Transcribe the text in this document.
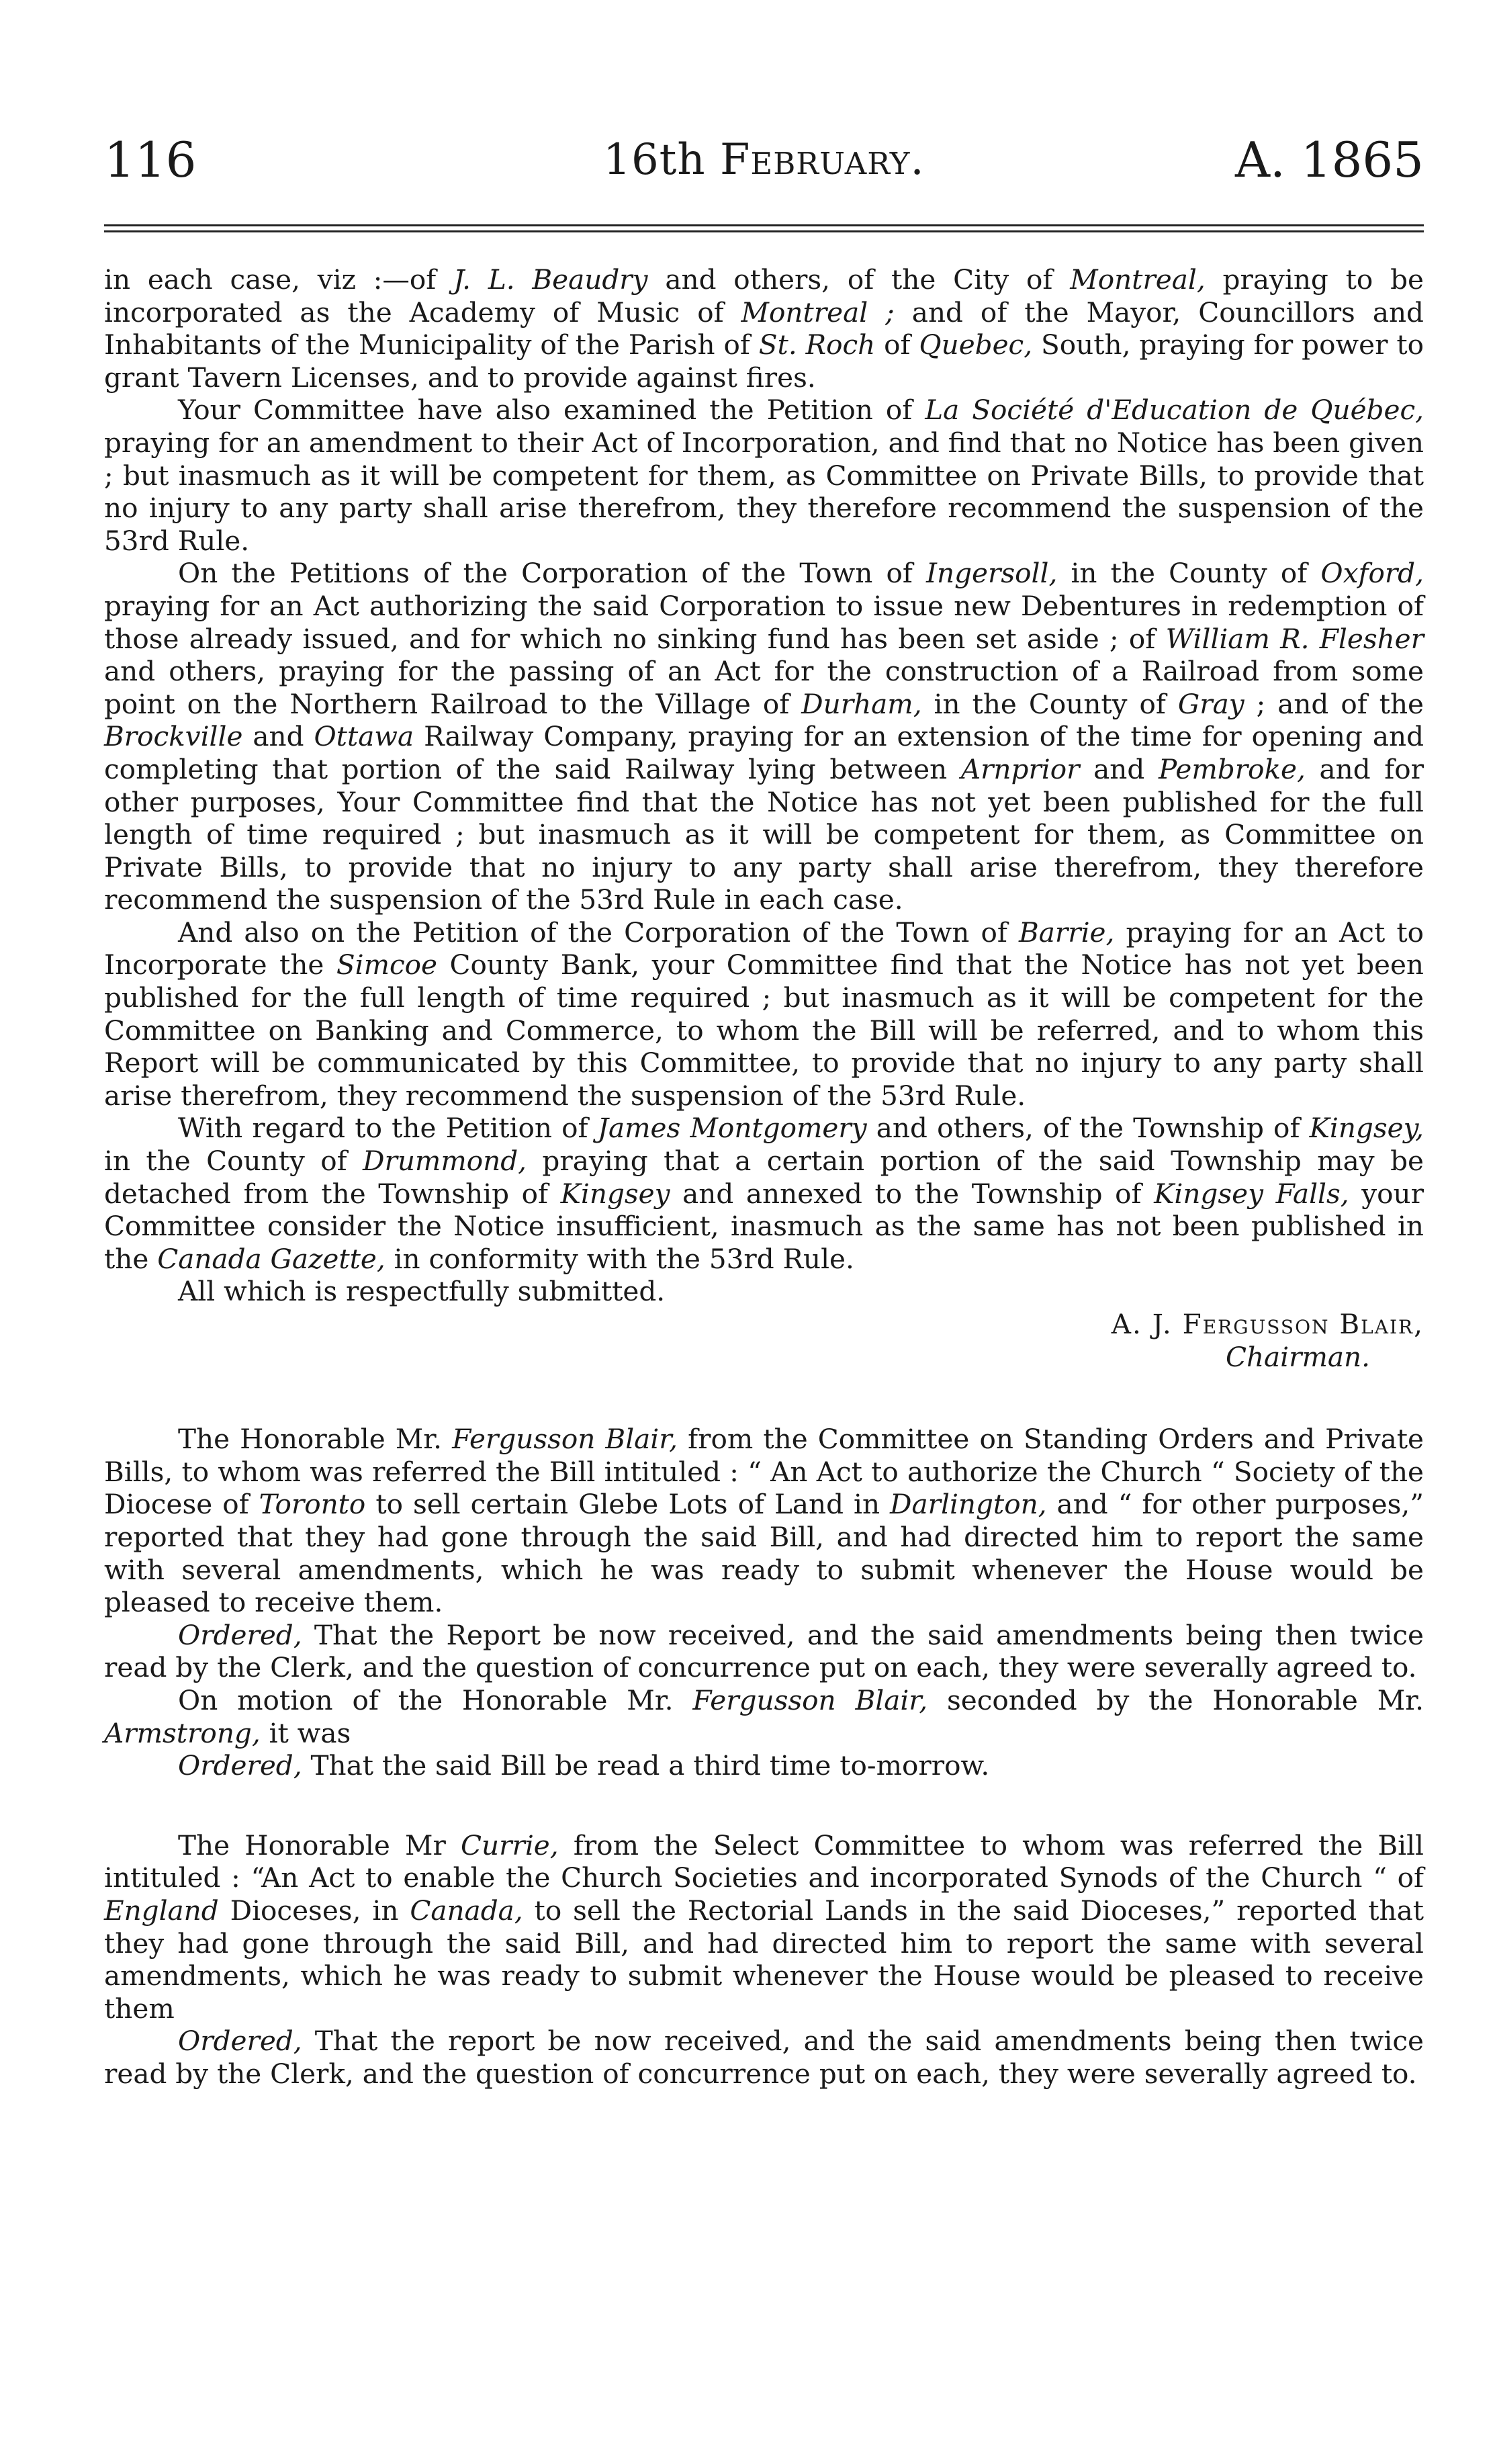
116	16th February.	A. 1865

in each case, viz :—of J. L. Beaudry and others, of the City of Montreal, praying to be incorporated as the Academy of Music of Montreal ; and of the Mayor, Councillors and Inhabitants of the Municipality of the Parish of St. Roch of Quebec, South, praying for power to grant Tavern Licenses, and to provide against fires.

Your Committee have also examined the Petition of La Société d'Education de Québec, praying for an amendment to their Act of Incorporation, and find that no Notice has been given ; but inasmuch as it will be competent for them, as Committee on Private Bills, to provide that no injury to any party shall arise therefrom, they therefore recommend the suspension of the 53rd Rule.

On the Petitions of the Corporation of the Town of Ingersoll, in the County of Oxford, praying for an Act authorizing the said Corporation to issue new Debentures in redemption of those already issued, and for which no sinking fund has been set aside ; of William R. Flesher and others, praying for the passing of an Act for the construction of a Railroad from some point on the Northern Railroad to the Village of Durham, in the County of Gray ; and of the Brockville and Ottawa Railway Company, praying for an extension of the time for opening and completing that portion of the said Railway lying between Arnprior and Pembroke, and for other purposes, Your Committee find that the Notice has not yet been published for the full length of time required ; but inasmuch as it will be competent for them, as Committee on Private Bills, to provide that no injury to any party shall arise therefrom, they therefore recommend the suspension of the 53rd Rule in each case.

And also on the Petition of the Corporation of the Town of Barrie, praying for an Act to Incorporate the Simcoe County Bank, your Committee find that the Notice has not yet been published for the full length of time required ; but inasmuch as it will be competent for the Committee on Banking and Commerce, to whom the Bill will be referred, and to whom this Report will be communicated by this Committee, to provide that no injury to any party shall arise therefrom, they recommend the suspension of the 53rd Rule.

With regard to the Petition of James Montgomery and others, of the Township of Kingsey, in the County of Drummond, praying that a certain portion of the said Township may be detached from the Township of Kingsey and annexed to the Township of Kingsey Falls, your Committee consider the Notice insufficient, inasmuch as the same has not been published in the Canada Gazette, in conformity with the 53rd Rule.

All which is respectfully submitted.

A. J. Fergusson Blair,

Chairman.

The Honorable Mr. Fergusson Blair, from the Committee on Standing Orders and Private Bills, to whom was referred the Bill intituled : “ An Act to authorize the Church “ Society of the Diocese of Toronto to sell certain Glebe Lots of Land in Darlington, and “ for other purposes,” reported that they had gone through the said Bill, and had directed him to report the same with several amendments, which he was ready to submit whenever the House would be pleased to receive them.

Ordered, That the Report be now received, and the said amendments being then twice read by the Clerk, and the question of concurrence put on each, they were severally agreed to.

On motion of the Honorable Mr. Fergusson Blair, seconded by the Honorable Mr. Armstrong, it was

Ordered, That the said Bill be read a third time to-morrow.

The Honorable Mr Currie, from the Select Committee to whom was referred the Bill intituled : “An Act to enable the Church Societies and incorporated Synods of the Church “ of England Dioceses, in Canada, to sell the Rectorial Lands in the said Dioceses,” reported that they had gone through the said Bill, and had directed him to report the same with several amendments, which he was ready to submit whenever the House would be pleased to receive them

Ordered, That the report be now received, and the said amendments being then twice read by the Clerk, and the question of concurrence put on each, they were severally agreed to.
